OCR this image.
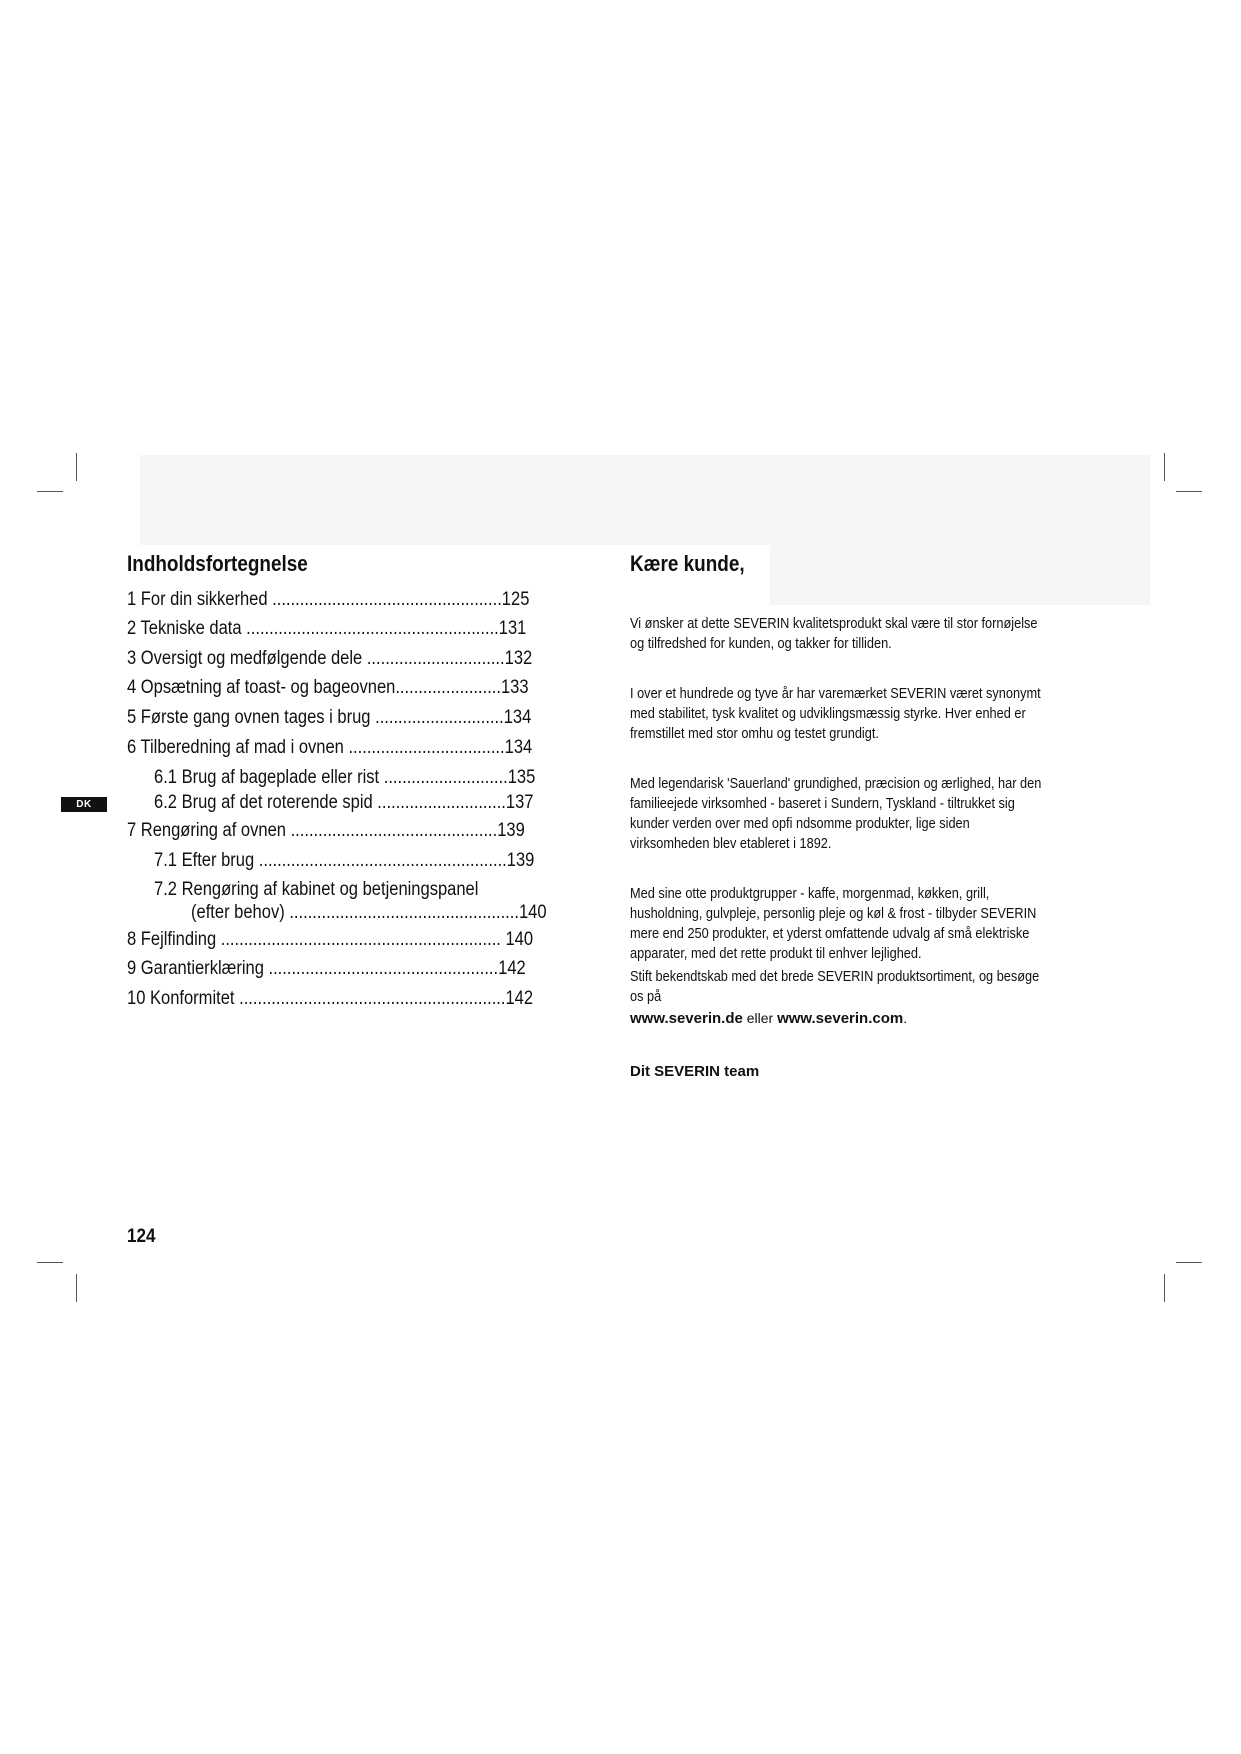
DK
Indholdsfortegnelse
1 For din sikkerhed ..................................................125
2 Tekniske data .......................................................131
3 Oversigt og medfølgende dele ..............................132
4 Opsætning af toast- og bageovnen.......................133
5 Første gang ovnen tages i brug ............................134
6 Tilberedning af mad i ovnen ..................................134
6.1 Brug af bageplade eller rist ...........................135
6.2 Brug af det roterende spid ............................137
7 Rengøring af ovnen .............................................139
7.1 Efter brug ......................................................139
7.2 Rengøring af kabinet og betjeningspanel
(efter behov) ..................................................140
8 Fejlfinding ............................................................. 140
9 Garantierklæring ..................................................142
10 Konformitet ..........................................................142
Kære kunde,
Vi ønsker at dette SEVERIN kvalitetsprodukt skal være til stor fornøjelse og tilfredshed for kunden, og takker for tilliden.
I over et hundrede og tyve år har varemærket SEVERIN været synonymt med stabilitet, tysk kvalitet og udviklingsmæssig styrke. Hver enhed er fremstillet med stor omhu og testet grundigt.
Med legendarisk 'Sauerland' grundighed, præcision og ærlighed, har den familieejede virksomhed - baseret i Sundern, Tyskland - tiltrukket sig kunder verden over med opfi ndsomme produkter, lige siden virksomheden blev etableret i 1892.
Med sine otte produktgrupper - kaffe, morgenmad, køkken, grill, husholdning, gulvpleje, personlig pleje og køl & frost - tilbyder SEVERIN mere end 250 produkter, et yderst omfattende udvalg af små elektriske apparater, med det rette produkt til enhver lejlighed.
Stift bekendtskab med det brede SEVERIN produktsortiment, og besøge os på
www.severin.de eller www.severin.com.
Dit SEVERIN team
124
